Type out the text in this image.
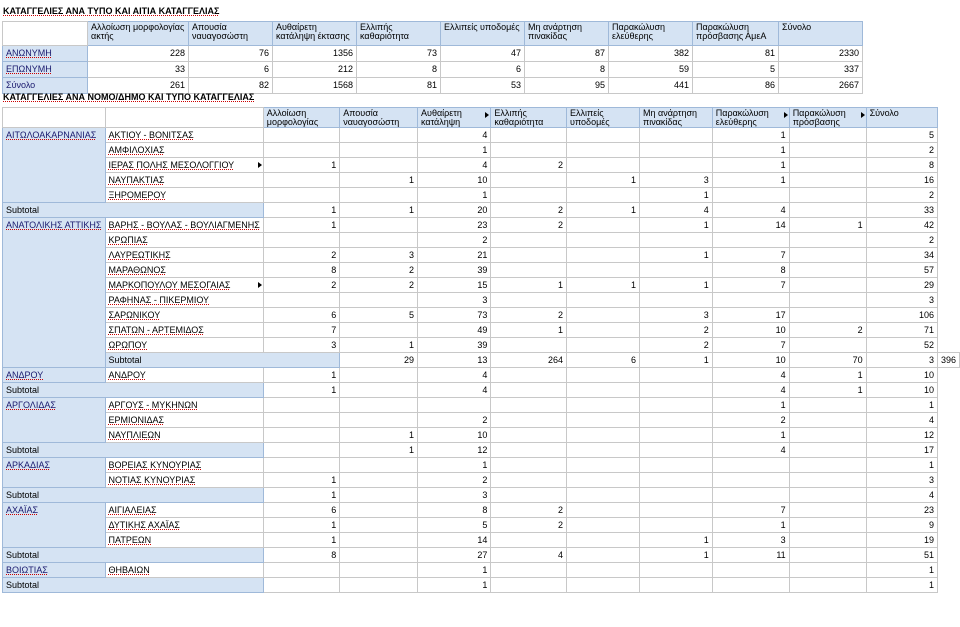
ΚΑΤΑΓΓΕΛΙΕΣ ΑΝΑ ΤΥΠΟ ΚΑΙ ΑΙΤΙΑ ΚΑΤΑΓΓΕΛΙΑΣ
	Αλλοίωση μορφολογίας ακτής	Απουσία ναυαγοσώστη	Αυθαίρετη κατάληψη έκτασης	Ελλιπής καθαριότητα	Ελλιπείς υποδομές	Μη ανάρτηση πινακίδας	Παρακώλυση ελεύθερης	Παρακώλυση πρόσβασης ΑμεΑ	Σύνολο
ΑΝΩΝΥΜΗ	228	76	1356	73	47	87	382	81	2330
ΕΠΩΝΥΜΗ	33	6	212	8	6	8	59	5	337
Σύνολο	261	82	1568	81	53	95	441	86	2667
ΚΑΤΑΓΓΕΛΙΕΣ ΑΝΑ ΝΟΜΟ/ΔΗΜΟ ΚΑΙ ΤΥΠΟ ΚΑΤΑΓΓΕΛΙΑΣ
		Αλλοίωση μορφολογίας	Απουσία ναυαγοσώστη	Αυθαίρετη κατάληψη	Ελλιπής καθαριότητα	Ελλιπείς υποδομές	Μη ανάρτηση πινακίδας	Παρακώλυση ελεύθερης	Παρακώλυση πρόσβασης	Σύνολο	
ΑΙΤΩΛΟΑΚΑΡΝΑΝΙΑΣ	ΑΚΤΙΟΥ - ΒΟΝΙΤΣΑΣ			4				1		5	
	ΑΜΦΙΛΟΧΙΑΣ			1				1		2	
	ΙΕΡΑΣ ΠΟΛΗΣ ΜΕΣΟΛΟΓΓΙΟΥ	1		4	2			1		8	
	ΝΑΥΠΑΚΤΙΑΣ		1	10		1	3	1		16	
	ΞΗΡΟΜΕΡΟΥ			1			1			2	
Subtotal		1	1	20	2	1	4	4		33	
ΑΝΑΤΟΛΙΚΗΣ ΑΤΤΙΚΗΣ	ΒΑΡΗΣ - ΒΟΥΛΑΣ - ΒΟΥΛΙΑΓΜΕΝΗΣ	1		23	2		1	14	1	42	
	ΚΡΩΠΙΑΣ			2						2	
	ΛΑΥΡΕΩΤΙΚΗΣ	2	3	21			1	7		34	
	ΜΑΡΑΘΩΝΟΣ	8	2	39				8		57	
	ΜΑΡΚΟΠΟΥΛΟΥ ΜΕΣΟΓΑΙΑΣ	2	2	15	1	1	1	7		29	
	ΡΑΦΗΝΑΣ - ΠΙΚΕΡΜΙΟΥ			3						3	
	ΣΑΡΩΝΙΚΟΥ	6	5	73	2		3	17		106	
	ΣΠΑΤΩΝ - ΑΡΤΕΜΙΔΟΣ	7		49	1		2	10	2	71	
	ΩΡΩΠΟΥ	3	1	39			2	7		52	
	Subtotal		29	13	264	6	1	10	70	3	396
ΑΝΔΡΟΥ	ΑΝΔΡΟΥ	1		4				4	1	10	
Subtotal		1		4				4	1	10	
ΑΡΓΟΛΙΔΑΣ	ΑΡΓΟΥΣ - ΜΥΚΗΝΩΝ							1		1	
	ΕΡΜΙΟΝΙΔΑΣ			2				2		4	
	ΝΑΥΠΛΙΕΩΝ		1	10				1		12	
Subtotal			1	12				4		17	
ΑΡΚΑΔΙΑΣ	ΒΟΡΕΙΑΣ ΚΥΝΟΥΡΙΑΣ			1						1	
	ΝΟΤΙΑΣ ΚΥΝΟΥΡΙΑΣ	1		2						3	
Subtotal		1		3						4	
ΑΧΑΪΑΣ	ΑΙΓΙΑΛΕΙΑΣ	6		8	2			7		23	
	ΔΥΤΙΚΗΣ ΑΧΑΪΑΣ	1		5	2			1		9	
	ΠΑΤΡΕΩΝ	1		14			1	3		19	
Subtotal		8		27	4		1	11		51	
ΒΟΙΩΤΙΑΣ	ΘΗΒΑΙΩΝ			1						1	
Subtotal				1						1	
